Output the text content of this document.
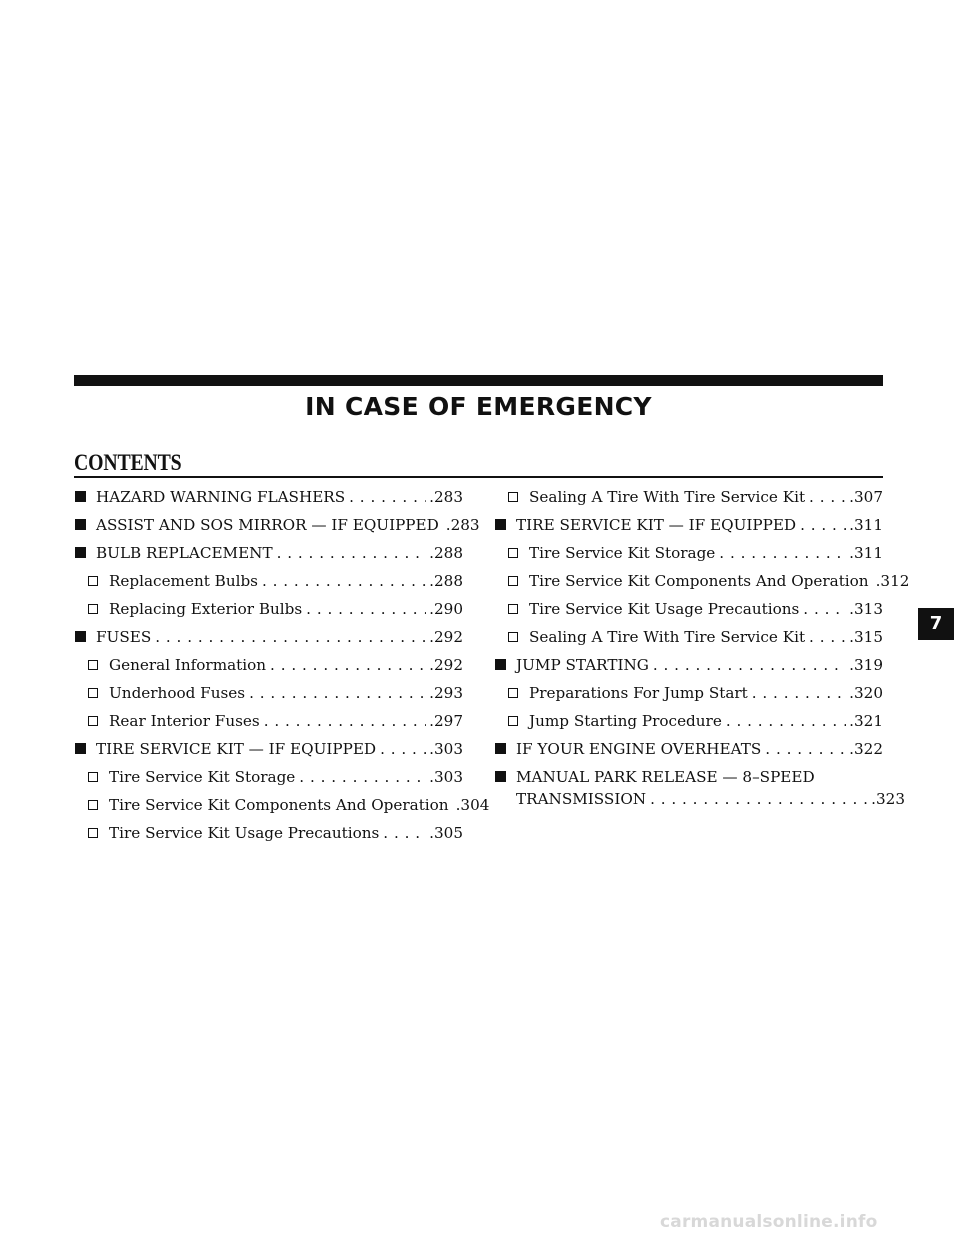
IN CASE OF EMERGENCY
CONTENTS
HAZARD WARNING FLASHERS . . .	.283
ASSIST AND SOS MIRROR — IF EQUIPPED .283
BULB REPLACEMENT . . .	.288
Replacement Bulbs . . .	.288
Replacing Exterior Bulbs . . .	.290
FUSES . . .	.292
General Information . . .	.292
Underhood Fuses . . .	.293
Rear Interior Fuses . . .	.297
TIRE SERVICE KIT — IF EQUIPPED . . .	.303
Tire Service Kit Storage . . .	.303
Tire Service Kit Components And Operation .304
Tire Service Kit Usage Precautions . . .	.305
Sealing A Tire With Tire Service Kit . . .	.307
TIRE SERVICE KIT — IF EQUIPPED . . .	.311
Tire Service Kit Storage . . .	.311
Tire Service Kit Components And Operation .312
Tire Service Kit Usage Precautions . . .	.313
Sealing A Tire With Tire Service Kit . . .	.315
JUMP STARTING . . .	.319
Preparations For Jump Start . . .	.320
Jump Starting Procedure . . .	.321
IF YOUR ENGINE OVERHEATS . . .	.322
MANUAL PARK RELEASE — 8–SPEED
TRANSMISSION . . .	.323
7
carmanualsonline.info
